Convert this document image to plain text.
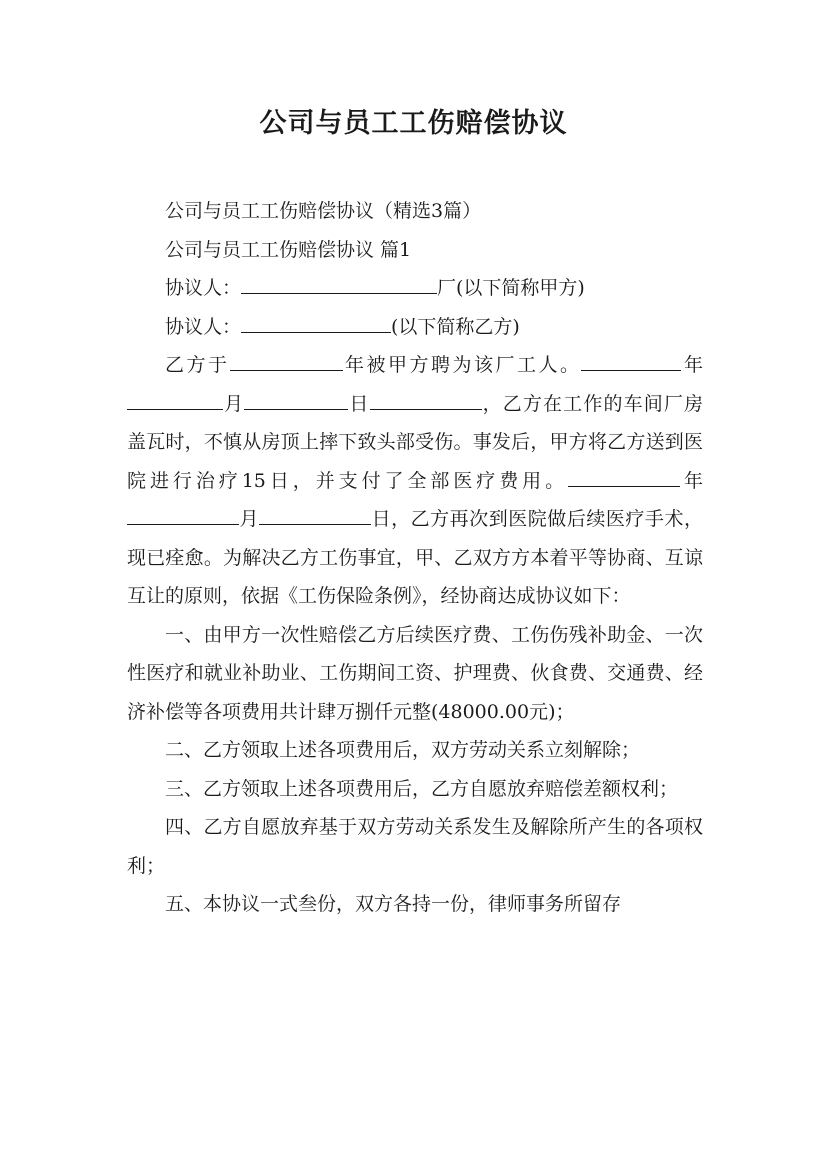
公司与员工工伤赔偿协议

公司与员工工伤赔偿协议（精选3篇）

公司与员工工伤赔偿协议 篇1

协议人：	厂(以下简称甲方)

协议人：	(以下简称乙方)

乙方于	年被甲方聘为该厂工人。	年月	日	，乙方在工作的车间厂房盖瓦时，不慎从房顶上摔下致头部受伤。事发后，甲方将乙方送到医院进行治疗15日，并支付了全部医疗费用。	年月	日，乙方再次到医院做后续医疗手术，现已痊愈。为解决乙方工伤事宜，甲、乙双方方本着平等协商、互谅互让的原则，依据《工伤保险条例》，经协商达成协议如下：

一、由甲方一次性赔偿乙方后续医疗费、工伤伤残补助金、一次性医疗和就业补助业、工伤期间工资、护理费、伙食费、交通费、经济补偿等各项费用共计肆万捌仟元整(48000.00元)；

二、乙方领取上述各项费用后，双方劳动关系立刻解除；

三、乙方领取上述各项费用后，乙方自愿放弃赔偿差额权利；

四、乙方自愿放弃基于双方劳动关系发生及解除所产生的各项权利；

五、本协议一式叁份，双方各持一份，律师事务所留存
